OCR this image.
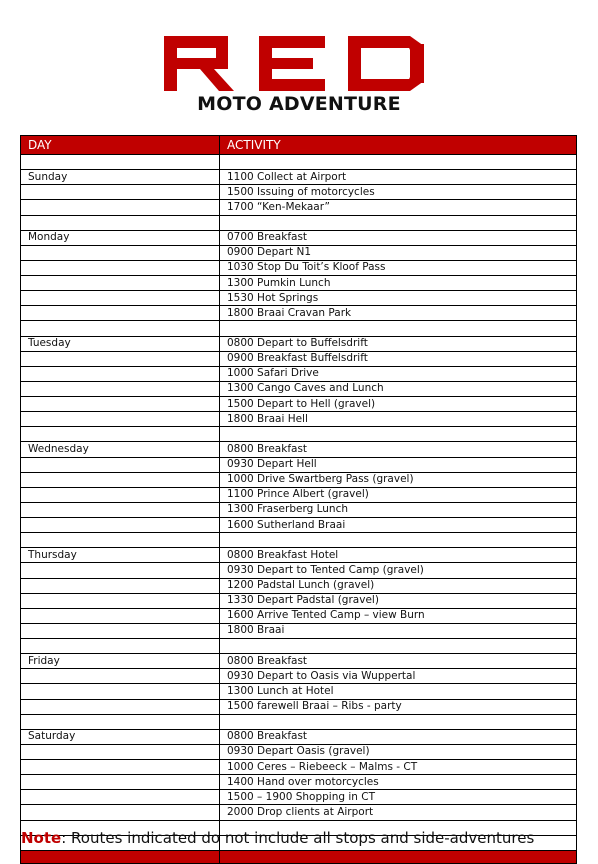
MOTO ADVENTURE
DAY	ACTIVITY

Sunday	1100 Collect at Airport
	1500 Issuing of motorcycles
	1700 “Ken-Mekaar”

Monday	0700 Breakfast
	0900 Depart N1
	1030 Stop Du Toit’s Kloof Pass
	1300 Pumkin Lunch
	1530 Hot Springs
	1800 Braai Cravan Park

Tuesday	0800 Depart to Buffelsdrift
	0900 Breakfast Buffelsdrift
	1000 Safari Drive
	1300 Cango Caves and Lunch
	1500 Depart to Hell (gravel)
	1800 Braai Hell

Wednesday	0800 Breakfast
	0930 Depart Hell
	1000 Drive Swartberg Pass (gravel)
	1100 Prince Albert (gravel)
	1300 Fraserberg Lunch
	1600 Sutherland Braai

Thursday	0800 Breakfast Hotel
	0930 Depart to Tented Camp (gravel)
	1200 Padstal Lunch (gravel)
	1330 Depart Padstal (gravel)
	1600 Arrive Tented Camp – view Burn
	1800 Braai

Friday	0800 Breakfast
	0930 Depart to Oasis via Wuppertal
	1300 Lunch at Hotel
	1500 farewell Braai – Ribs - party

Saturday	0800 Breakfast
	0930 Depart Oasis (gravel)
	1000 Ceres – Riebeeck – Malms - CT
	1400 Hand over motorcycles
	1500 – 1900 Shopping in CT
	2000 Drop clients at Airport

Note: Routes indicated do not include all stops and side-adventures
